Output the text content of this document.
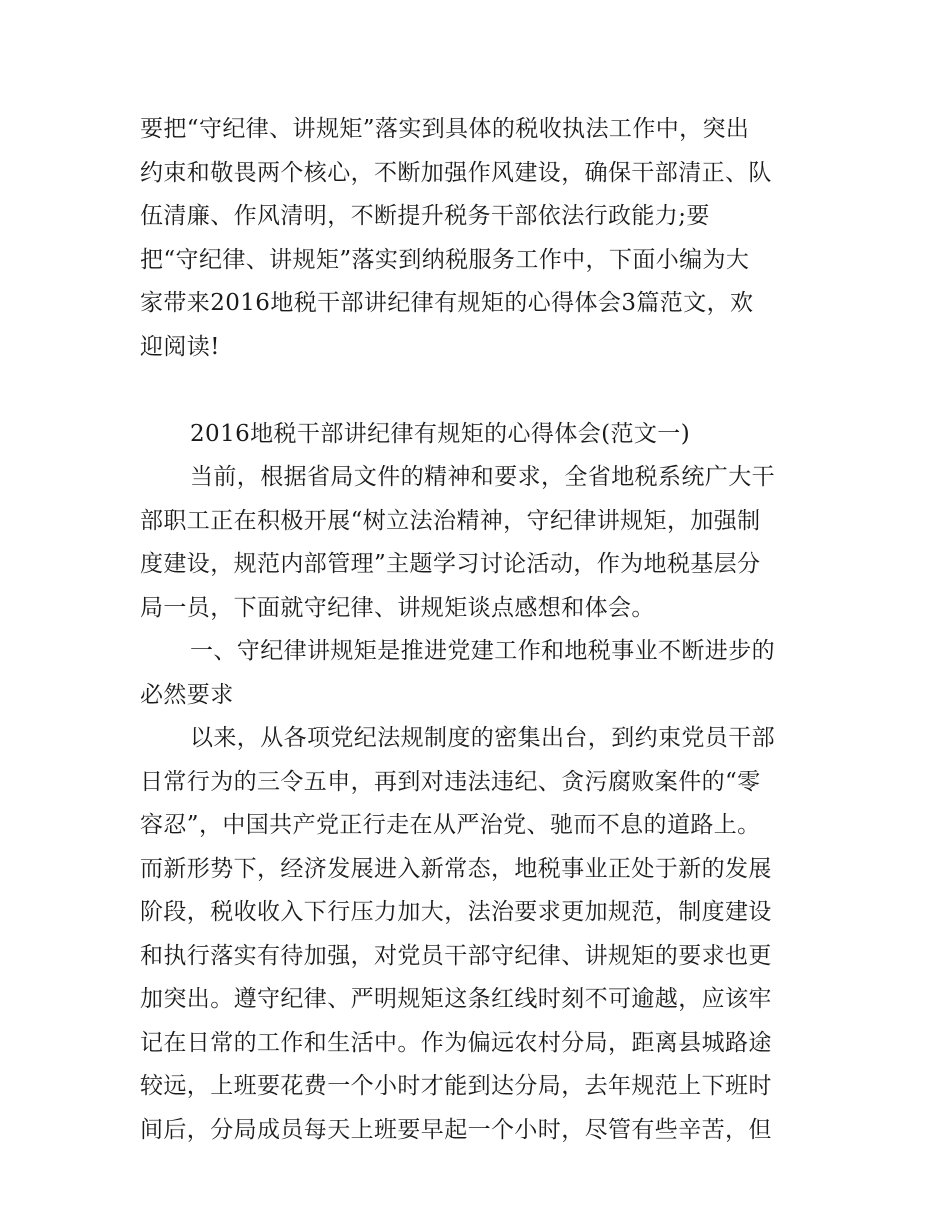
要把“守纪律、讲规矩”落实到具体的税收执法工作中，突出
约束和敬畏两个核心，不断加强作风建设，确保干部清正、队
伍清廉、作风清明，不断提升税务干部依法行政能力;要
把“守纪律、讲规矩”落实到纳税服务工作中，下面小编为大
家带来2016地税干部讲纪律有规矩的心得体会3篇范文，欢
迎阅读!

2016地税干部讲纪律有规矩的心得体会(范文一)

当前，根据省局文件的精神和要求，全省地税系统广大干
部职工正在积极开展“树立法治精神，守纪律讲规矩，加强制
度建设，规范内部管理”主题学习讨论活动，作为地税基层分
局一员，下面就守纪律、讲规矩谈点感想和体会。

一、守纪律讲规矩是推进党建工作和地税事业不断进步的
必然要求

以来，从各项党纪法规制度的密集出台，到约束党员干部
日常行为的三令五申，再到对违法违纪、贪污腐败案件的“零
容忍”，中国共产党正行走在从严治党、驰而不息的道路上。
而新形势下，经济发展进入新常态，地税事业正处于新的发展
阶段，税收收入下行压力加大，法治要求更加规范，制度建设
和执行落实有待加强，对党员干部守纪律、讲规矩的要求也更
加突出。遵守纪律、严明规矩这条红线时刻不可逾越，应该牢
记在日常的工作和生活中。作为偏远农村分局，距离县城路途
较远，上班要花费一个小时才能到达分局，去年规范上下班时
间后，分局成员每天上班要早起一个小时，尽管有些辛苦，但
